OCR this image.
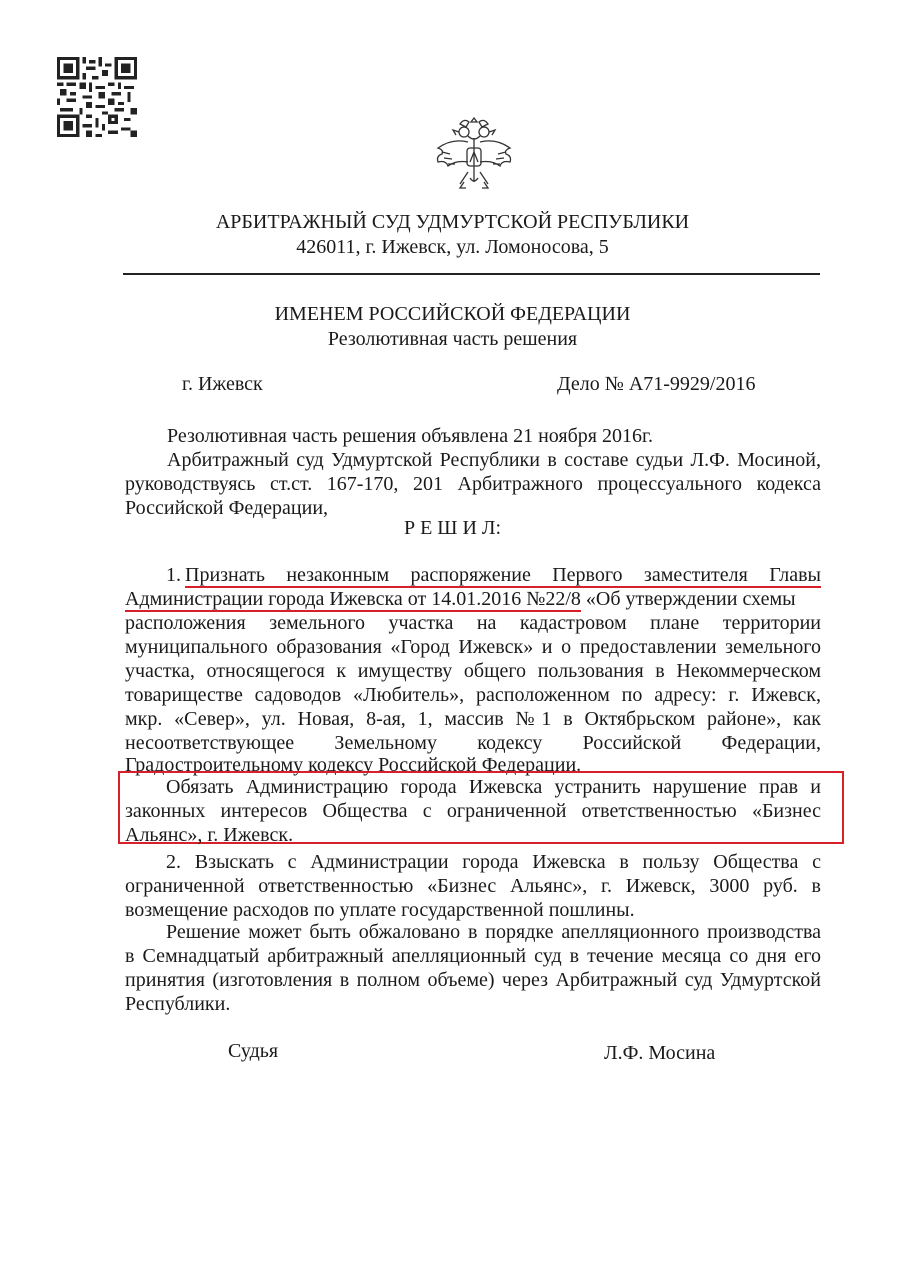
АРБИТРАЖНЫЙ СУД УДМУРТСКОЙ РЕСПУБЛИКИ
426011, г. Ижевск, ул. Ломоносова, 5
ИМЕНЕМ РОССИЙСКОЙ ФЕДЕРАЦИИ
Резолютивная часть решения
г. Ижевск	Дело № А71-9929/2016
Резолютивная часть решения объявлена 21 ноября 2016г.
Арбитражный суд Удмуртской Республики в составе судьи Л.Ф. Мосиной,
руководствуясь ст.ст. 167-170, 201 Арбитражного процессуального кодекса
Российской Федерации,
Р Е Ш И Л:
1. Признать незаконным распоряжение Первого заместителя Главы
Администрации города Ижевска от 14.01.2016 №22/8 «Об утверждении схемы
расположения земельного участка на кадастровом плане территории
муниципального образования «Город Ижевск» и о предоставлении земельного
участка, относящегося к имуществу общего пользования в Некоммерческом
товариществе садоводов «Любитель», расположенном по адресу: г. Ижевск,
мкр. «Север», ул. Новая, 8-ая, 1, массив №1 в Октябрьском районе», как
несоответствующее Земельному кодексу Российской Федерации,
Градостроительному кодексу Российской Федерации.
Обязать Администрацию города Ижевска устранить нарушение прав и
законных интересов Общества с ограниченной ответственностью «Бизнес
Альянс», г. Ижевск.
2. Взыскать с Администрации города Ижевска в пользу Общества с
ограниченной ответственностью «Бизнес Альянс», г. Ижевск, 3000 руб. в
возмещение расходов по уплате государственной пошлины.
Решение может быть обжаловано в порядке апелляционного производства
в Семнадцатый арбитражный апелляционный суд в течение месяца со дня его
принятия (изготовления в полном объеме) через Арбитражный суд Удмуртской
Республики.
Судья	Л.Ф. Мосина
